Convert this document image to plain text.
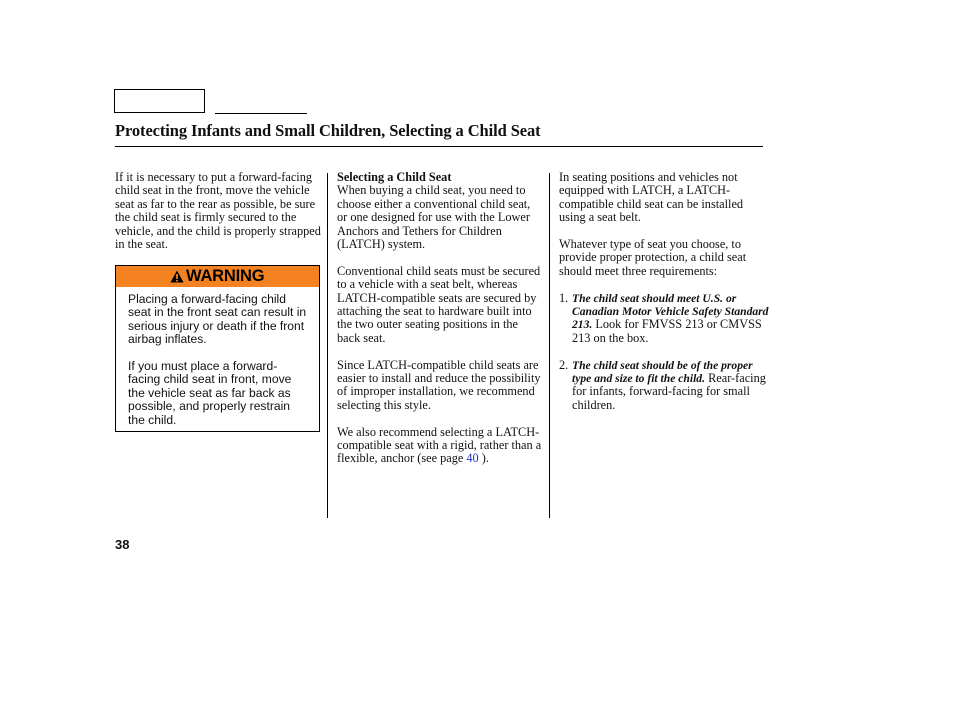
Protecting Infants and Small Children, Selecting a Child Seat

If it is necessary to put a forward-facing child seat in the front, move the vehicle seat as far to the rear as possible, be sure the child seat is firmly secured to the vehicle, and the child is properly strapped in the seat.

WARNING

Placing a forward-facing child seat in the front seat can result in serious injury or death if the front airbag inflates.

If you must place a forward-facing child seat in front, move the vehicle seat as far back as possible, and properly restrain the child.

Selecting a Child Seat

When buying a child seat, you need to choose either a conventional child seat, or one designed for use with the Lower Anchors and Tethers for Children (LATCH) system.

Conventional child seats must be secured to a vehicle with a seat belt, whereas LATCH-compatible seats are secured by attaching the seat to hardware built into the two outer seating positions in the back seat.

Since LATCH-compatible child seats are easier to install and reduce the possibility of improper installation, we recommend selecting this style.

We also recommend selecting a LATCH-compatible seat with a rigid, rather than a flexible, anchor (see page 40 ).

In seating positions and vehicles not equipped with LATCH, a LATCH-compatible child seat can be installed using a seat belt.

Whatever type of seat you choose, to provide proper protection, a child seat should meet three requirements:

1. The child seat should meet U.S. or Canadian Motor Vehicle Safety Standard 213. Look for FMVSS 213 or CMVSS 213 on the box.
2. The child seat should be of the proper type and size to fit the child. Rear-facing for infants, forward-facing for small children.
38
